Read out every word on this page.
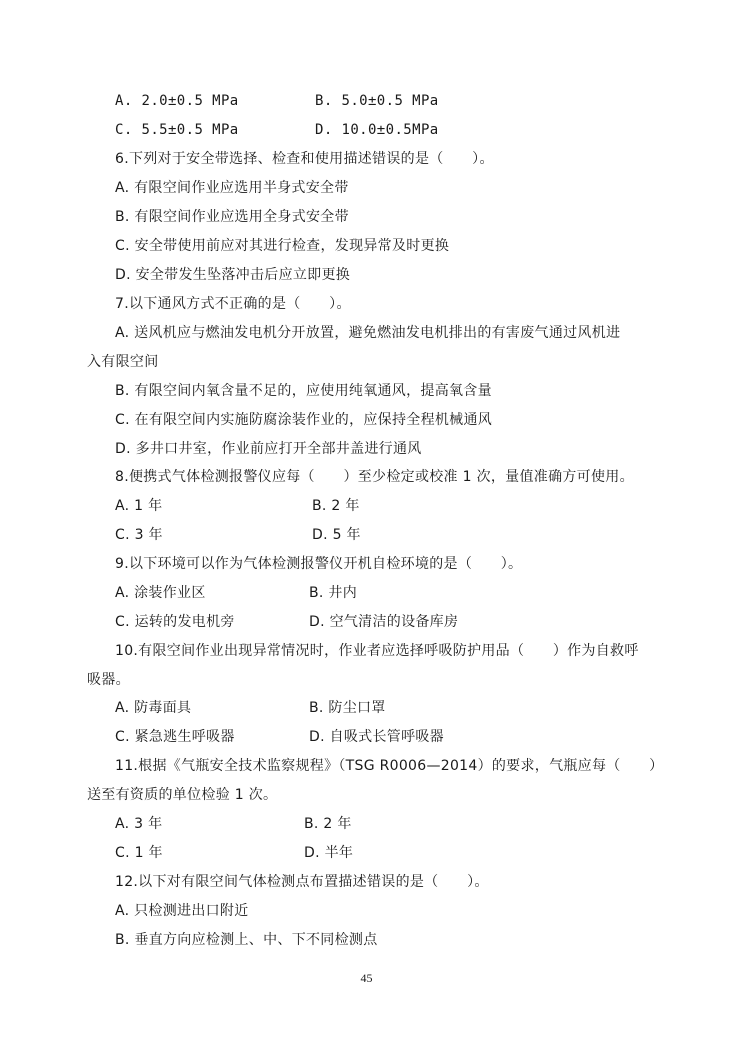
A. 2.0±0.5 MPa	B. 5.0±0.5 MPa
C. 5.5±0.5 MPa	D. 10.0±0.5MPa
6.下列对于安全带选择、检查和使用描述错误的是（　　）。
A. 有限空间作业应选用半身式安全带
B. 有限空间作业应选用全身式安全带
C. 安全带使用前应对其进行检查，发现异常及时更换
D. 安全带发生坠落冲击后应立即更换
7.以下通风方式不正确的是（　　）。
A. 送风机应与燃油发电机分开放置，避免燃油发电机排出的有害废气通过风机进
入有限空间
B. 有限空间内氧含量不足的，应使用纯氧通风，提高氧含量
C. 在有限空间内实施防腐涂装作业的，应保持全程机械通风
D. 多井口井室，作业前应打开全部井盖进行通风
8.便携式气体检测报警仪应每（　　）至少检定或校准 1 次，量值准确方可使用。
A. 1 年	B. 2 年
C. 3 年	D. 5 年
9.以下环境可以作为气体检测报警仪开机自检环境的是（　　）。
A. 涂装作业区	B. 井内
C. 运转的发电机旁	D. 空气清洁的设备库房
10.有限空间作业出现异常情况时，作业者应选择呼吸防护用品（　　）作为自救呼
吸器。
A. 防毒面具	B. 防尘口罩
C. 紧急逃生呼吸器	D. 自吸式长管呼吸器
11.根据《气瓶安全技术监察规程》（TSG R0006—2014）的要求，气瓶应每（　　）
送至有资质的单位检验 1 次。
A. 3 年	B. 2 年
C. 1 年	D. 半年
12.以下对有限空间气体检测点布置描述错误的是（　　）。
A. 只检测进出口附近
B. 垂直方向应检测上、中、下不同检测点
45
